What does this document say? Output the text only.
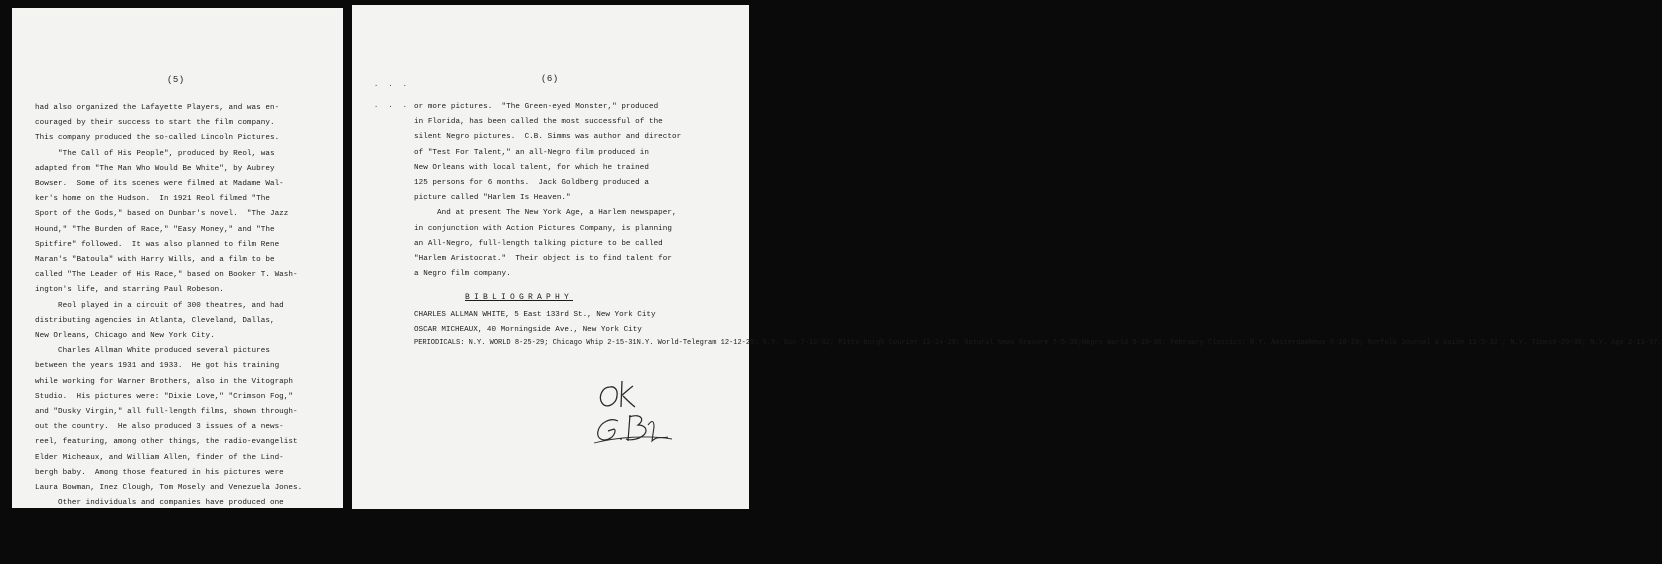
(5)
had also organized the Lafayette Players, and was en-
couraged by their success to start the film company.
This company produced the so-called Lincoln Pictures.
"The Call of His People", produced by Reol, was
adapted from "The Man Who Would Be White", by Aubrey
Bowser.  Some of its scenes were filmed at Madame Wal-
ker's home on the Hudson.  In 1921 Reol filmed "The
Sport of the Gods," based on Dunbar's novel.  "The Jazz
Hound," "The Burden of Race," "Easy Money," and "The
Spitfire" followed.  It was also planned to film Rene
Maran's "Batoula" with Harry Wills, and a film to be
called "The Leader of His Race," based on Booker T. Wash-
ington's life, and starring Paul Robeson.
Reol played in a circuit of 300 theatres, and had
distributing agencies in Atlanta, Cleveland, Dallas,
New Orleans, Chicago and New York City.
Charles Allman White produced several pictures
between the years 1931 and 1933.  He got his training
while working for Warner Brothers, also in the Vitograph
Studio.  His pictures were: "Dixie Love," "Crimson Fog,"
and "Dusky Virgin," all full-length films, shown through-
out the country.  He also produced 3 issues of a news-
reel, featuring, among other things, the radio-evangelist
Elder Micheaux, and William Allen, finder of the Lind-
bergh baby.  Among those featured in his pictures were
Laura Bowman, Inez Clough, Tom Mosely and Venezuela Jones.
Other individuals and companies have produced one

. . .

. . .

(6)
or more pictures.  "The Green-eyed Monster," produced
in Florida, has been called the most successful of the
silent Negro pictures.  C.B. Simms was author and director
of "Test For Talent," an all-Negro film produced in
New Orleans with local talent, for which he trained
125 persons for 6 months.  Jack Goldberg produced a
picture called "Harlem Is Heaven."
And at present The New York Age, a Harlem newspaper,
in conjunction with Action Pictures Company, is planning
an All-Negro, full-length talking picture to be called
"Harlem Aristocrat."  Their object is to find talent for
a Negro film company.
BIBLIOGRAPHY
CHARLES ALLMAN WHITE, 5 East 133rd St., New York City
OSCAR MICHEAUX, 40 Morningside Ave., New York City
PERIODICALS: N.Y. WORLD 8-25-29; Chicago Whip 2-15-31N.Y. World-Telegram 12-12-29; N.Y. Sun 7-12-32; Pitts-burgh Courier 12-14-29; Natural News Gravure 7-5-30;Negro World 5-10-30; February Classics; N.Y. AmsterdamNews 9-18-29; Norfolk Journal & Guide 11-5-32 ; N.Y. Times6-20-30; N.Y. Age 2-13-37.
